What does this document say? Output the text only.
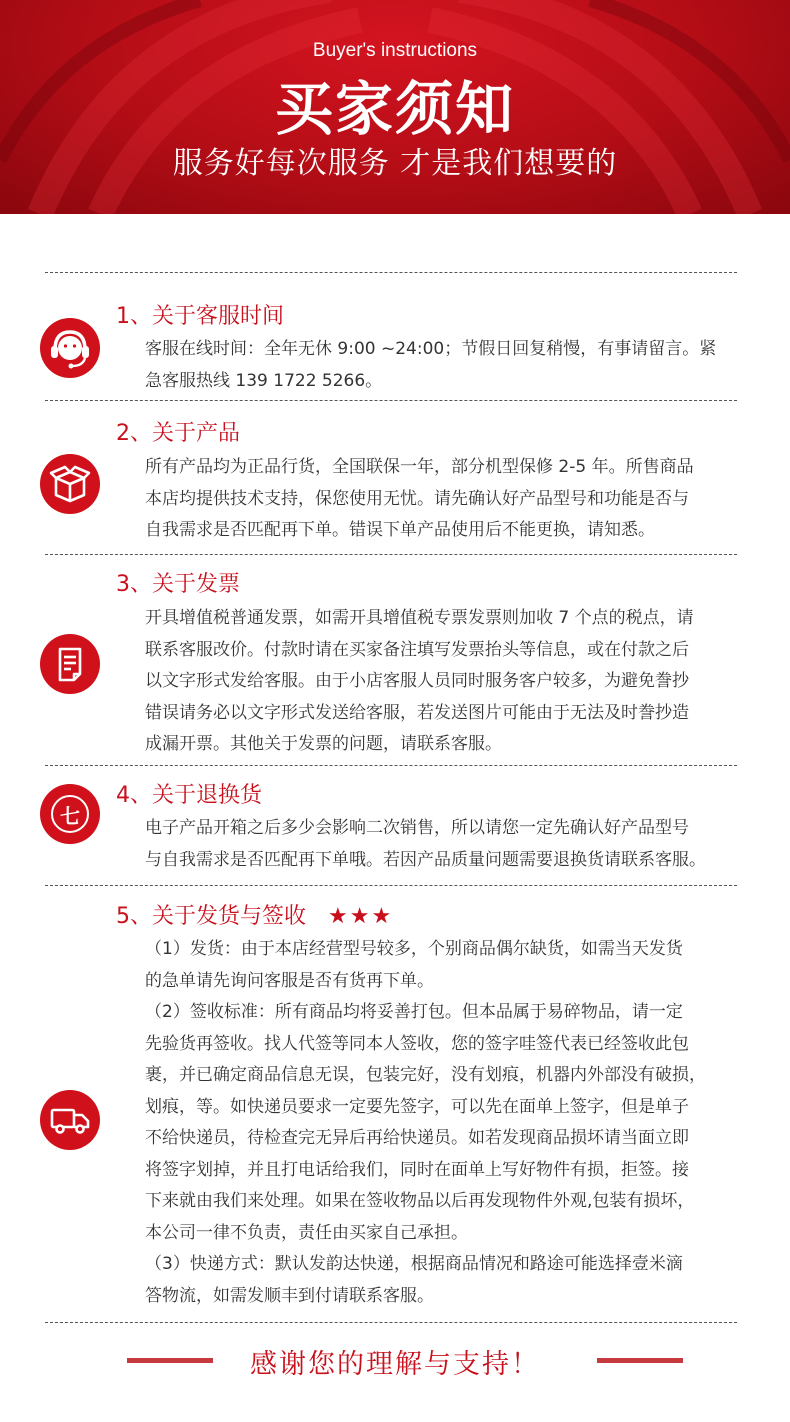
Buyer's instructions
买家须知
服务好每次服务 才是我们想要的
1、关于客服时间
客服在线时间：全年无休 9:00 ~24:00；节假日回复稍慢，有事请留言。紧
急客服热线 139 1722 5266。
2、关于产品
所有产品均为正品行货，全国联保一年，部分机型保修 2-5 年。所售商品
本店均提供技术支持，保您使用无忧。请先确认好产品型号和功能是否与
自我需求是否匹配再下单。错误下单产品使用后不能更换，请知悉。
3、关于发票
开具增值税普通发票，如需开具增值税专票发票则加收 7 个点的税点，请
联系客服改价。付款时请在买家备注填写发票抬头等信息，或在付款之后
以文字形式发给客服。由于小店客服人员同时服务客户较多，为避免誊抄
错误请务必以文字形式发送给客服，若发送图片可能由于无法及时誊抄造
成漏开票。其他关于发票的问题，请联系客服。
七
4、关于退换货
电子产品开箱之后多少会影响二次销售，所以请您一定先确认好产品型号
与自我需求是否匹配再下单哦。若因产品质量问题需要退换货请联系客服。
5、关于发货与签收 ★★★
（1）发货：由于本店经营型号较多，个别商品偶尔缺货，如需当天发货
的急单请先询问客服是否有货再下单。
（2）签收标准：所有商品均将妥善打包。但本品属于易碎物品，请一定
先验货再签收。找人代签等同本人签收，您的签字哇签代表已经签收此包
裹，并已确定商品信息无误，包装完好，没有划痕，机器内外部没有破损，
划痕，等。如快递员要求一定要先签字，可以先在面单上签字，但是单子
不给快递员，待检查完无异后再给快递员。如若发现商品损坏请当面立即
将签字划掉，并且打电话给我们，同时在面单上写好物件有损，拒签。接
下来就由我们来处理。如果在签收物品以后再发现物件外观,包装有损坏，
本公司一律不负责，责任由买家自己承担。
（3）快递方式：默认发韵达快递，根据商品情况和路途可能选择壹米滴
答物流，如需发顺丰到付请联系客服。
感谢您的理解与支持！
